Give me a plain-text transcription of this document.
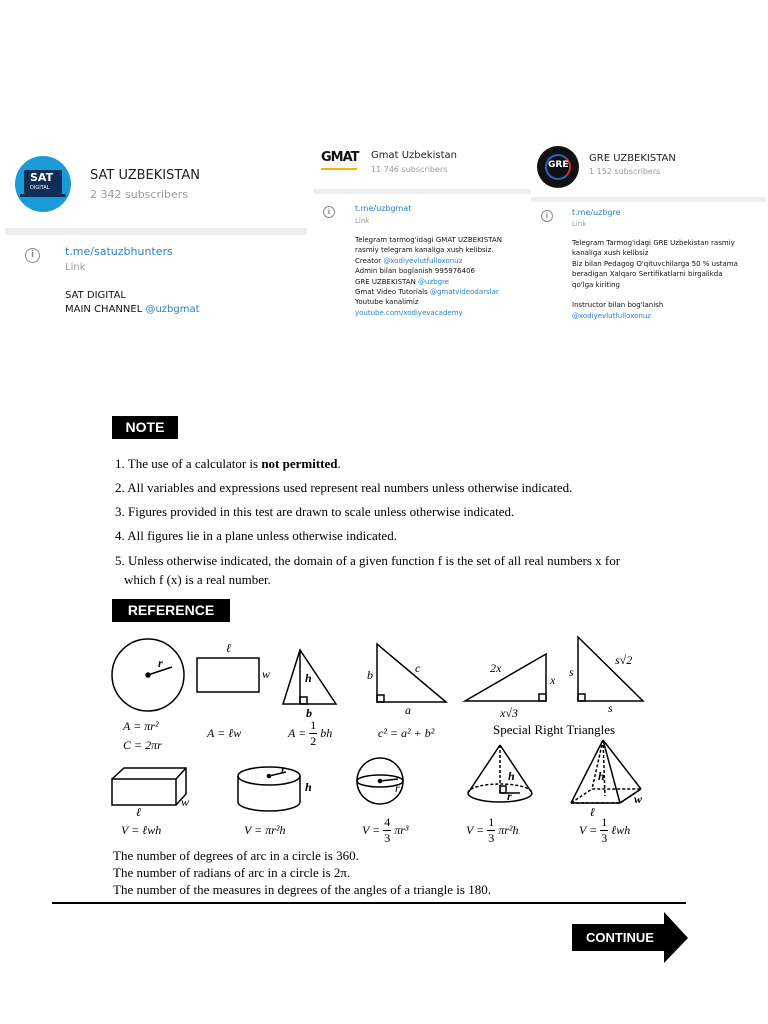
SAT
DIGITAL
SAT UZBEKISTAN
2 342 subscribers
i	t.me/satuzbhunters
Link
SAT DIGITAL
MAIN CHANNEL @uzbgmat
GMAT Gmat Uzbekistan
11 746 subscribers
i	t.me/uzbgmat
Link
Telegram tarmog'idagi GMAT UZBEKISTAN
rasmiy telegram kanaliga xush kelibsiz.
Creator @xodiyevlutfulloxonuz
Admin bilan boglanish 995976406
GRE UZBEKISTAN @uzbgre
Gmat Video Tutorials @gmatvideodarslar
Youtube kanalimiz
youtube.com/xodiyevacademy
GRE
GRE UZBEKISTAN
1 152 subscribers
i	t.me/uzbgre
Link
Telegram Tarmog'idagi GRE Uzbekistan rasmiy
kanaliga xush kelibsiz
Biz bilan Pedagog O'qituvchilarga 50 % ustama
beradigan Xalqaro Sertifikatlarni birgalikda
qo'lga kiriting
Instructor bilan bog'lanish
@xodiyevlutfulloxonuz
NOTE
1. The use of a calculator is not permitted.
2. All variables and expressions used represent real numbers unless otherwise indicated.
3. Figures provided in this test are drawn to scale unless otherwise indicated.
4. All figures lie in a plane unless otherwise indicated.
5. Unless otherwise indicated, the domain of a given function f is the set of all real numbers x for
which f (x) is a real number.
REFERENCE
r
ℓ
w	h
b
c
b
a
2x
x
x√3
s
s
s√2
ℓ
w
r
h	r
h
r
h
ℓ
w
A = πr²
C = 2πr
A = ℓw	$A = \frac{1}{2}$ bh	c² = a² + b²	Special Right Triangles
V = ℓwh	V = πr²h	$V = \frac{4}{3} \pi r^3$	$V = \frac{1}{3} \pi r^2h$	$V = \frac{1}{3}$ ℓwh
The number of degrees of arc in a circle is 360.
The number of radians of arc in a circle is 2π.
The number of the measures in degrees of the angles of a triangle is 180.
CONTINUE
